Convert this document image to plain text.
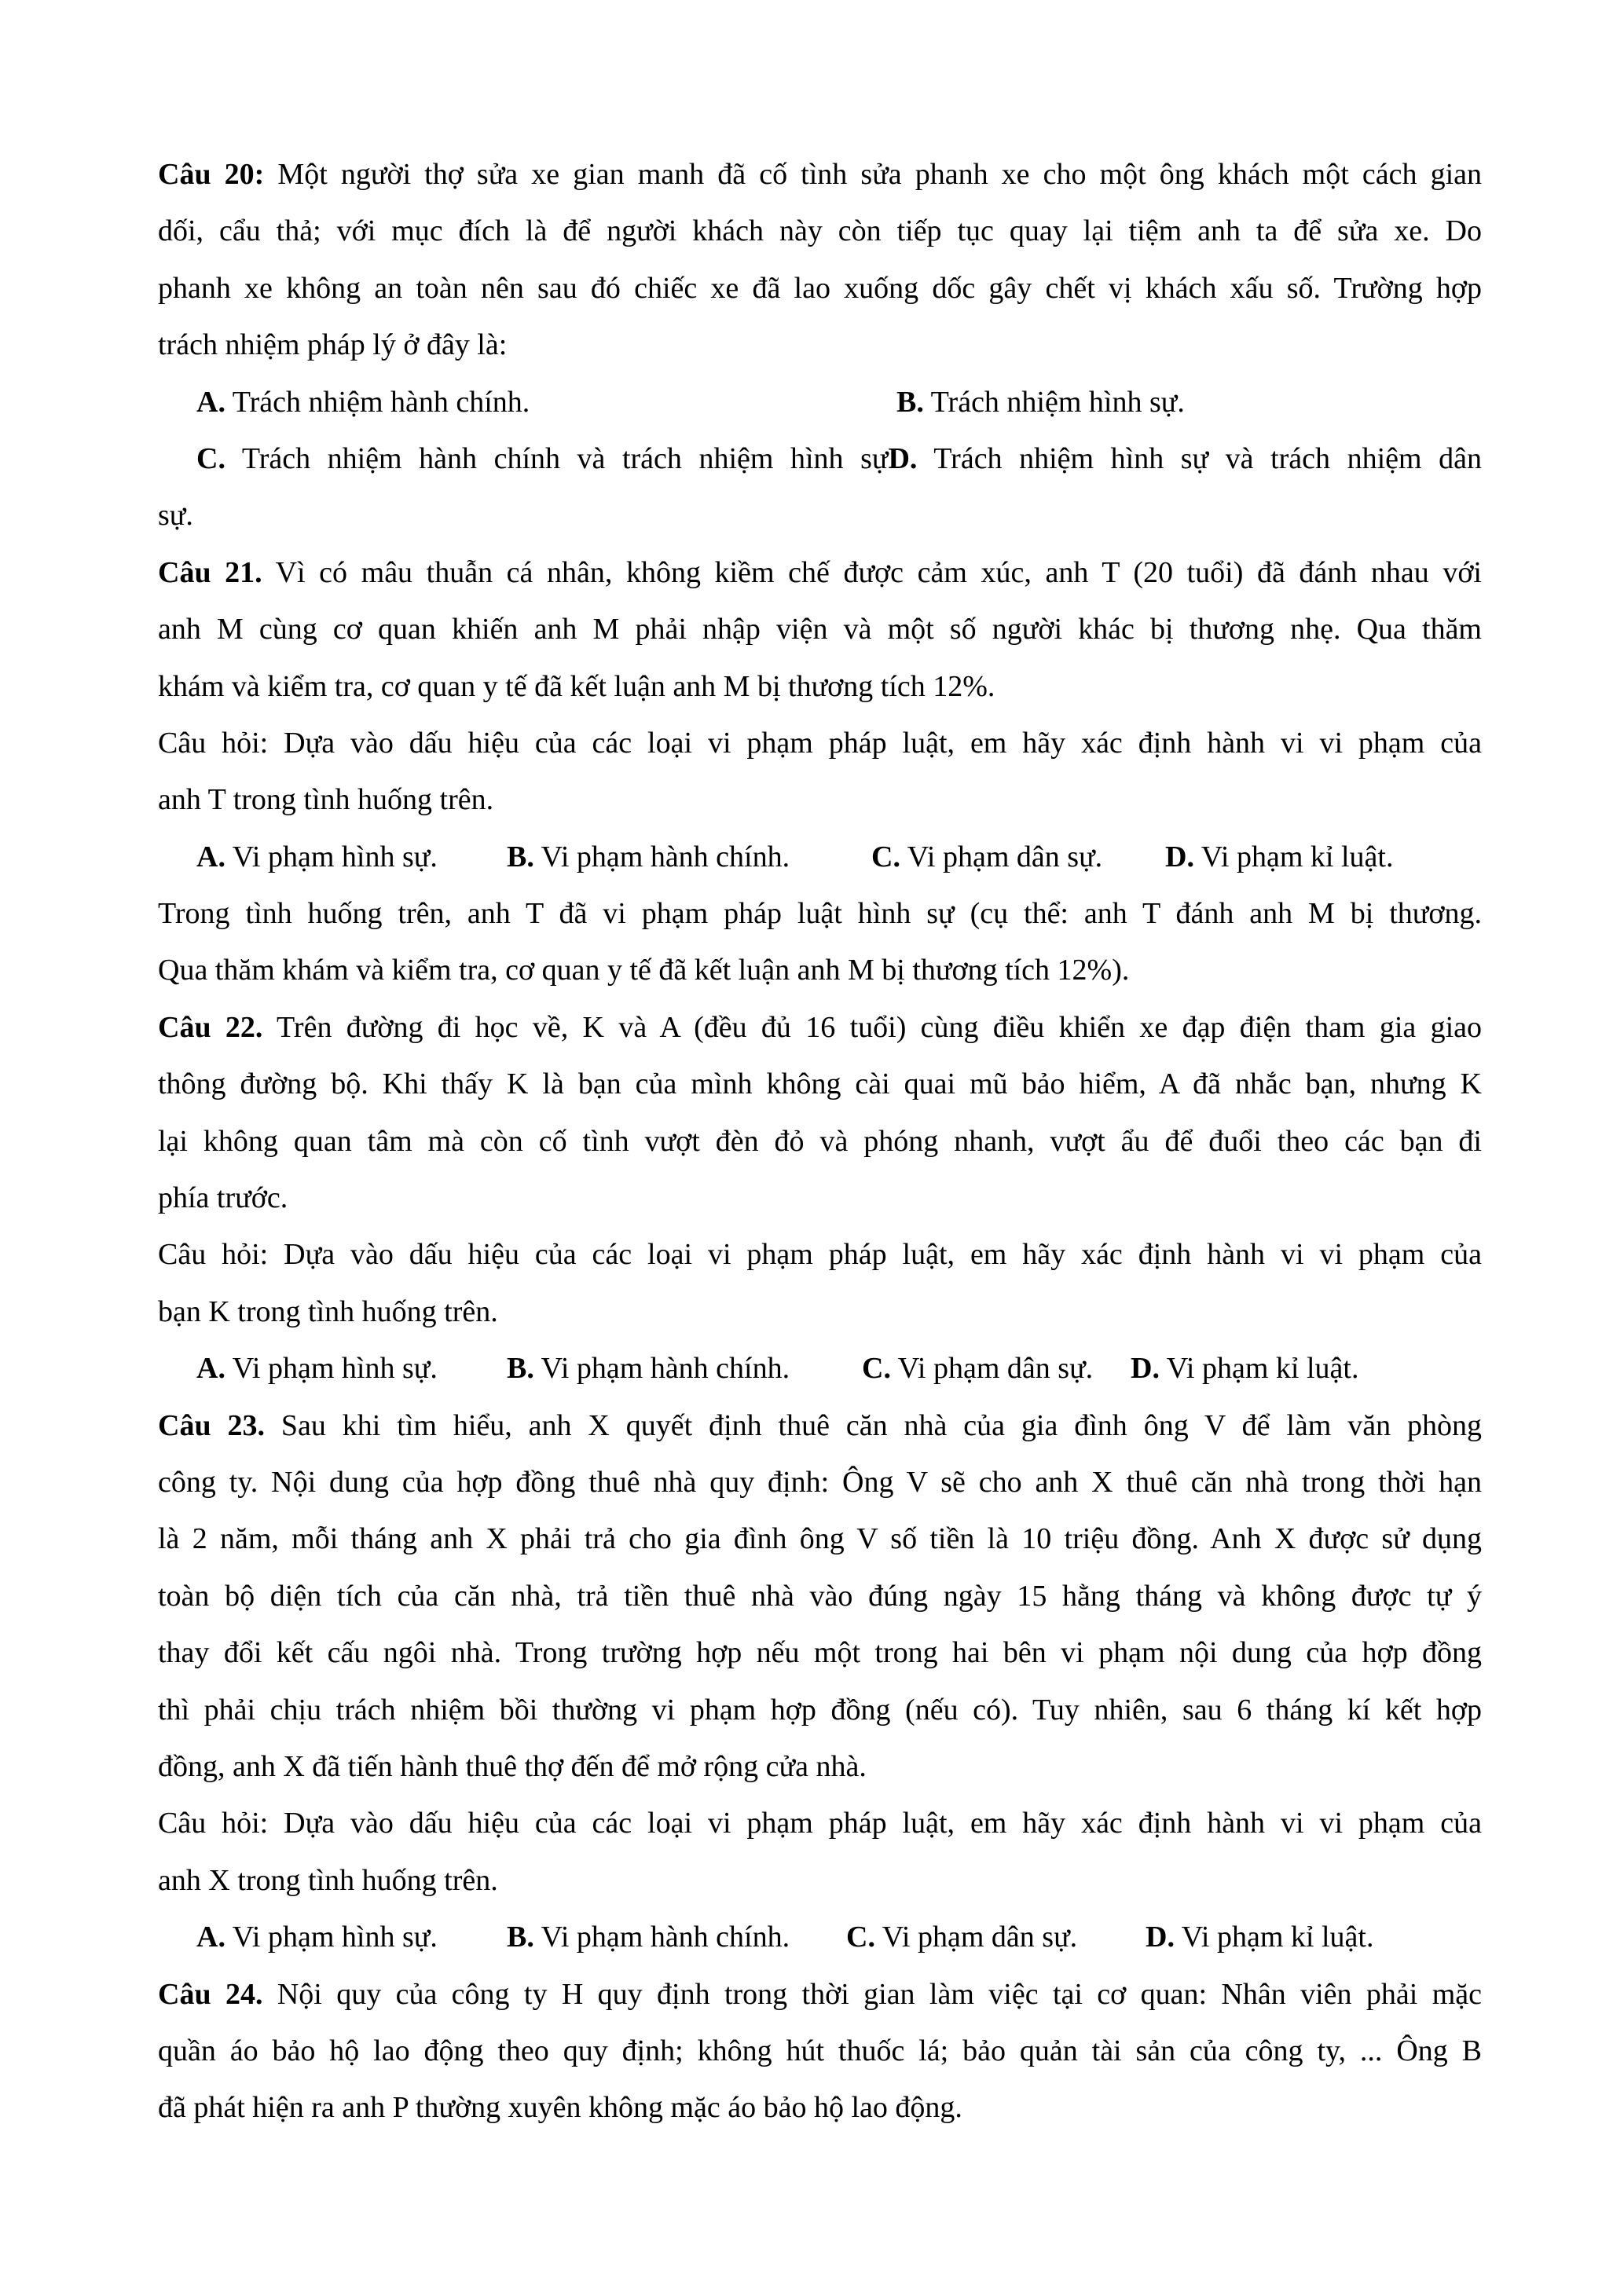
Câu 20: Một người thợ sửa xe gian manh đã cố tình sửa phanh xe cho một ông khách một cách gian
dối, cẩu thả; với mục đích là để người khách này còn tiếp tục quay lại tiệm anh ta để sửa xe. Do
phanh xe không an toàn nên sau đó chiếc xe đã lao xuống dốc gây chết vị khách xấu số. Trường hợp
trách nhiệm pháp lý ở đây là:
A. Trách nhiệm hành chính.	B. Trách nhiệm hình sự.
C. Trách nhiệm hành chính và trách nhiệm hình sựD. Trách nhiệm hình sự và trách nhiệm dân
sự.
Câu 21. Vì có mâu thuẫn cá nhân, không kiềm chế được cảm xúc, anh T (20 tuổi) đã đánh nhau với
anh M cùng cơ quan khiến anh M phải nhập viện và một số người khác bị thương nhẹ. Qua thăm
khám và kiểm tra, cơ quan y tế đã kết luận anh M bị thương tích 12%.
Câu hỏi: Dựa vào dấu hiệu của các loại vi phạm pháp luật, em hãy xác định hành vi vi phạm của
anh T trong tình huống trên.
A. Vi phạm hình sự. B. Vi phạm hành chính.	C. Vi phạm dân sự. D. Vi phạm kỉ luật.
Trong tình huống trên, anh T đã vi phạm pháp luật hình sự (cụ thể: anh T đánh anh M bị thương.
Qua thăm khám và kiểm tra, cơ quan y tế đã kết luận anh M bị thương tích 12%).
Câu 22. Trên đường đi học về, K và A (đều đủ 16 tuổi) cùng điều khiển xe đạp điện tham gia giao
thông đường bộ. Khi thấy K là bạn của mình không cài quai mũ bảo hiểm, A đã nhắc bạn, nhưng K
lại không quan tâm mà còn cố tình vượt đèn đỏ và phóng nhanh, vượt ẩu để đuổi theo các bạn đi
phía trước.
Câu hỏi: Dựa vào dấu hiệu của các loại vi phạm pháp luật, em hãy xác định hành vi vi phạm của
bạn K trong tình huống trên.
A. Vi phạm hình sự. B. Vi phạm hành chính. C. Vi phạm dân sự. D. Vi phạm kỉ luật.
Câu 23. Sau khi tìm hiểu, anh X quyết định thuê căn nhà của gia đình ông V để làm văn phòng
công ty. Nội dung của hợp đồng thuê nhà quy định: Ông V sẽ cho anh X thuê căn nhà trong thời hạn
là 2 năm, mỗi tháng anh X phải trả cho gia đình ông V số tiền là 10 triệu đồng. Anh X được sử dụng
toàn bộ diện tích của căn nhà, trả tiền thuê nhà vào đúng ngày 15 hằng tháng và không được tự ý
thay đổi kết cấu ngôi nhà. Trong trường hợp nếu một trong hai bên vi phạm nội dung của hợp đồng
thì phải chịu trách nhiệm bồi thường vi phạm hợp đồng (nếu có). Tuy nhiên, sau 6 tháng kí kết hợp
đồng, anh X đã tiến hành thuê thợ đến để mở rộng cửa nhà.
Câu hỏi: Dựa vào dấu hiệu của các loại vi phạm pháp luật, em hãy xác định hành vi vi phạm của
anh X trong tình huống trên.
A. Vi phạm hình sự. B. Vi phạm hành chính. C. Vi phạm dân sự. D. Vi phạm kỉ luật.
Câu 24. Nội quy của công ty H quy định trong thời gian làm việc tại cơ quan: Nhân viên phải mặc
quần áo bảo hộ lao động theo quy định; không hút thuốc lá; bảo quản tài sản của công ty, ... Ông B
đã phát hiện ra anh P thường xuyên không mặc áo bảo hộ lao động.
